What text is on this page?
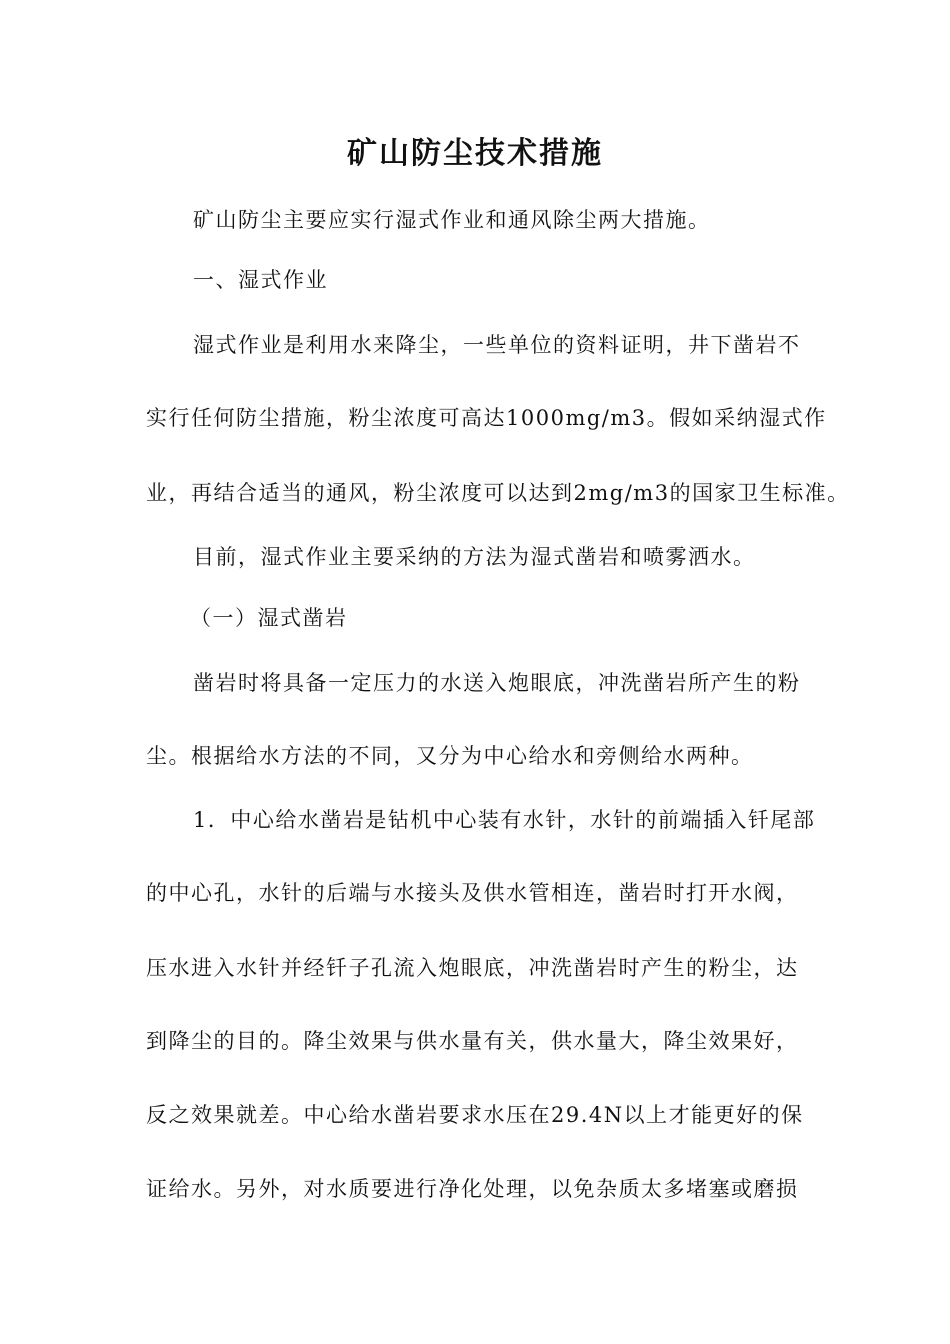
矿山防尘技术措施

矿山防尘主要应实行湿式作业和通风除尘两大措施。

一、湿式作业

湿式作业是利用水来降尘，一些单位的资料证明，井下凿岩不

实行任何防尘措施，粉尘浓度可高达1000mg/m3。假如采纳湿式作

业，再结合适当的通风，粉尘浓度可以达到2mg/m3的国家卫生标准。

目前，湿式作业主要采纳的方法为湿式凿岩和喷雾洒水。

（一）湿式凿岩

凿岩时将具备一定压力的水送入炮眼底，冲洗凿岩所产生的粉

尘。根据给水方法的不同，又分为中心给水和旁侧给水两种。

1．中心给水凿岩是钻机中心装有水针，水针的前端插入钎尾部

的中心孔，水针的后端与水接头及供水管相连，凿岩时打开水阀，

压水进入水针并经钎子孔流入炮眼底，冲洗凿岩时产生的粉尘，达

到降尘的目的。降尘效果与供水量有关，供水量大，降尘效果好，

反之效果就差。中心给水凿岩要求水压在29.4N以上才能更好的保

证给水。另外，对水质要进行净化处理，以免杂质太多堵塞或磨损
